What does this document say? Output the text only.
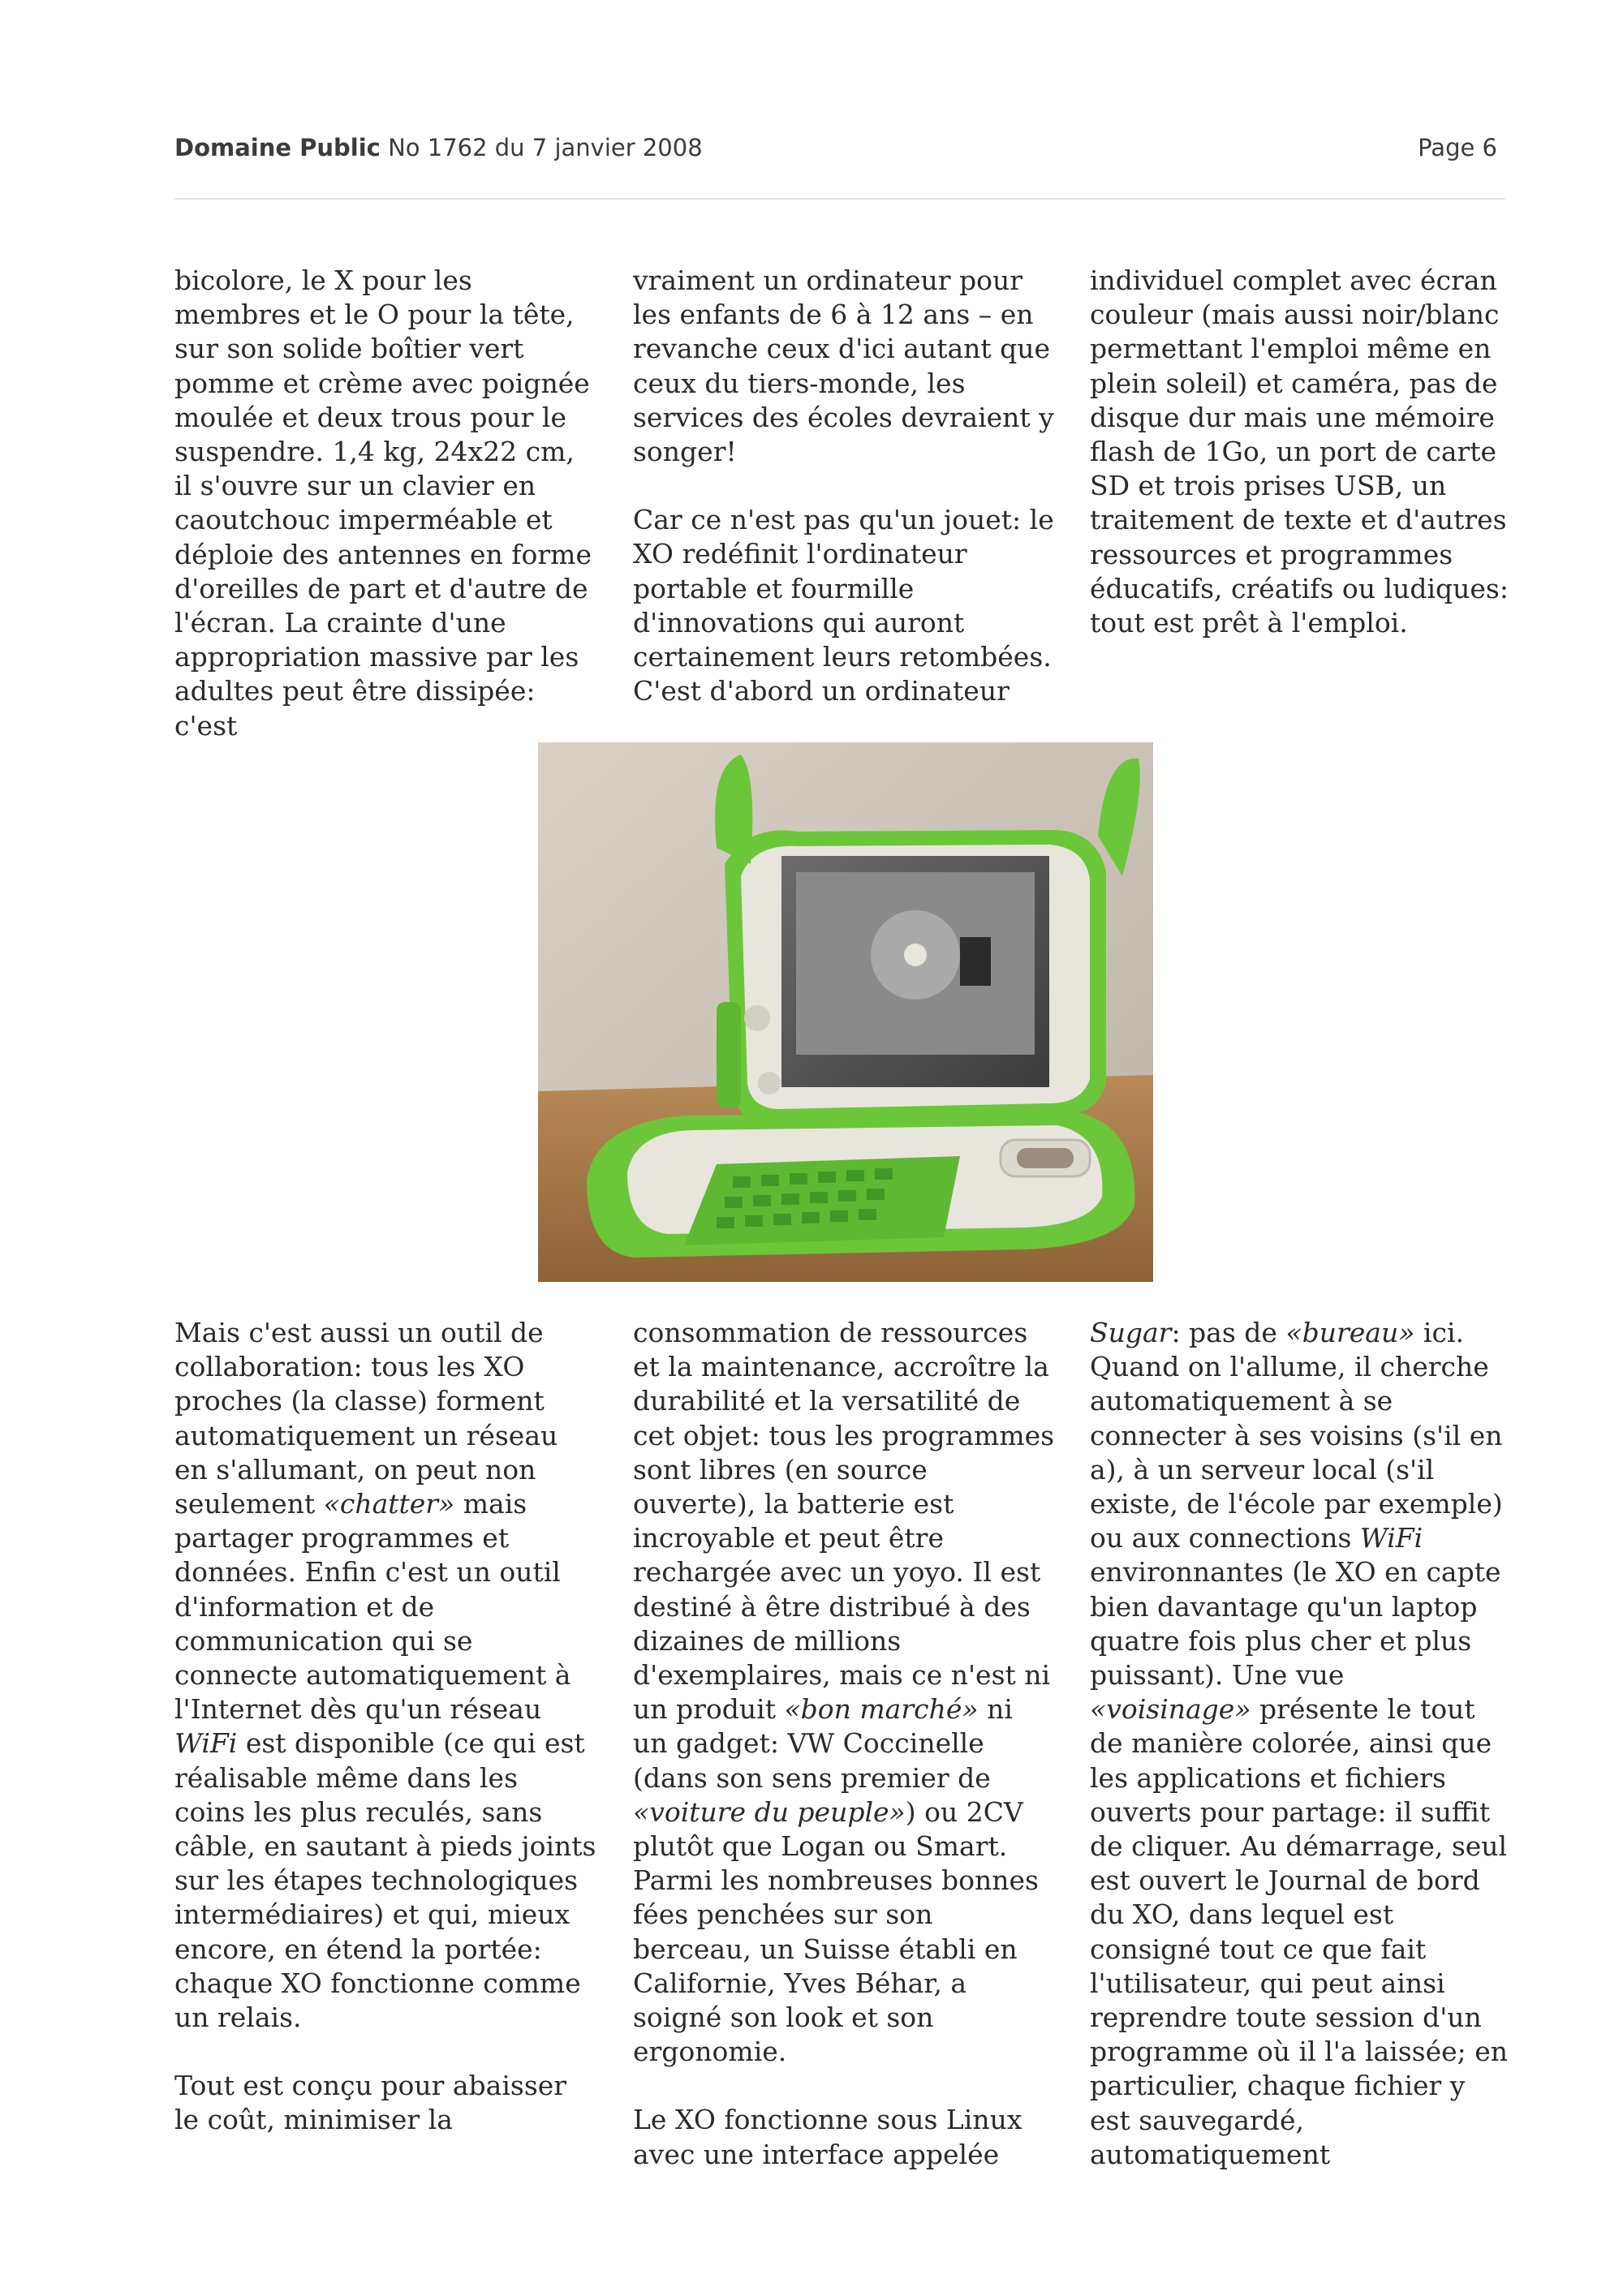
Domaine Public No 1762 du 7 janvier 2008	Page 6

bicolore, le X pour les membres et le O pour la tête, sur son solide boîtier vert pomme et crème avec poignée moulée et deux trous pour le suspendre. 1,4 kg, 24x22 cm, il s'ouvre sur un clavier en caoutchouc imperméable et déploie des antennes en forme d'oreilles de part et d'autre de l'écran. La crainte d'une appropriation massive par les adultes peut être dissipée: c'est

vraiment un ordinateur pour les enfants de 6 à 12 ans – en revanche ceux d'ici autant que ceux du tiers-monde, les services des écoles devraient y songer!

Car ce n'est pas qu'un jouet: le XO redéfinit l'ordinateur portable et fourmille d'innovations qui auront certainement leurs retombées. C'est d'abord un ordinateur

individuel complet avec écran couleur (mais aussi noir/blanc permettant l'emploi même en plein soleil) et caméra, pas de disque dur mais une mémoire flash de 1Go, un port de carte SD et trois prises USB, un traitement de texte et d'autres ressources et programmes éducatifs, créatifs ou ludiques: tout est prêt à l'emploi.

Mais c'est aussi un outil de collaboration: tous les XO proches (la classe) forment automatiquement un réseau en s'allumant, on peut non seulement «chatter» mais partager programmes et données. Enfin c'est un outil d'information et de communication qui se connecte automatiquement à l'Internet dès qu'un réseau WiFi est disponible (ce qui est réalisable même dans les coins les plus reculés, sans câble, en sautant à pieds joints sur les étapes technologiques intermédiaires) et qui, mieux encore, en étend la portée: chaque XO fonctionne comme un relais.

Tout est conçu pour abaisser le coût, minimiser la

consommation de ressources et la maintenance, accroître la durabilité et la versatilité de cet objet: tous les programmes sont libres (en source ouverte), la batterie est incroyable et peut être rechargée avec un yoyo. Il est destiné à être distribué à des dizaines de millions d'exemplaires, mais ce n'est ni un produit «bon marché» ni un gadget: VW Coccinelle (dans son sens premier de «voiture du peuple») ou 2CV plutôt que Logan ou Smart. Parmi les nombreuses bonnes fées penchées sur son berceau, un Suisse établi en Californie, Yves Béhar, a soigné son look et son ergonomie.

Le XO fonctionne sous Linux avec une interface appelée

Sugar: pas de «bureau» ici. Quand on l'allume, il cherche automatiquement à se connecter à ses voisins (s'il en a), à un serveur local (s'il existe, de l'école par exemple) ou aux connections WiFi environnantes (le XO en capte bien davantage qu'un laptop quatre fois plus cher et plus puissant). Une vue «voisinage» présente le tout de manière colorée, ainsi que les applications et fichiers ouverts pour partage: il suffit de cliquer. Au démarrage, seul est ouvert le Journal de bord du XO, dans lequel est consigné tout ce que fait l'utilisateur, qui peut ainsi reprendre toute session d'un programme où il l'a laissée; en particulier, chaque fichier y est sauvegardé, automatiquement
